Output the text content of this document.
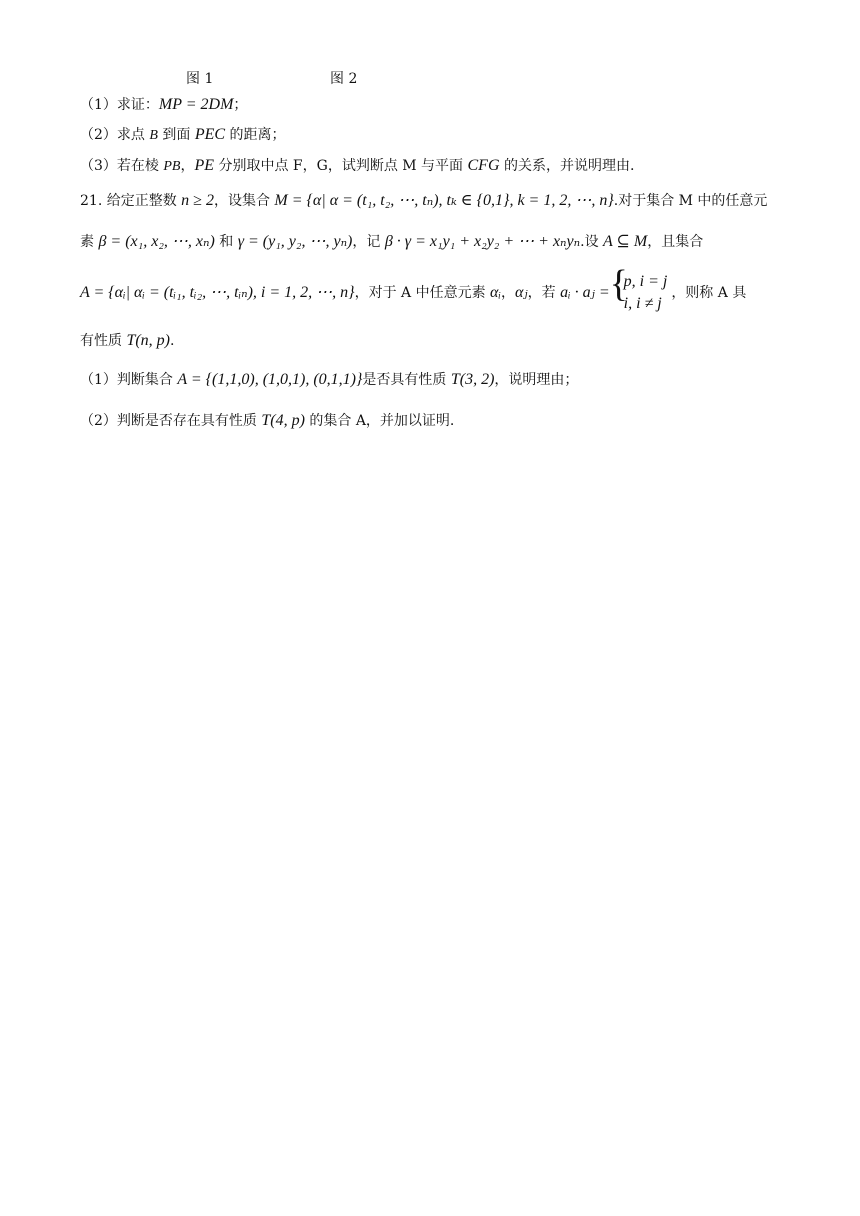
图 1	图 2
（1）求证：MP = 2DM；
（2）求点 B 到面 PEC 的距离；
（3）若在棱 PB，PE 分别取中点 F，G，试判断点 M 与平面 CFG 的关系，并说明理由.
21. 给定正整数 n ≥ 2，设集合 M = {α| α = (t₁, t₂, ⋯, tₙ), tₖ ∈ {0,1}, k = 1, 2, ⋯, n}.对于集合 M 中的任意元
素 β = (x₁, x₂, ⋯, xₙ) 和 γ = (y₁, y₂, ⋯, yₙ)，记 β · γ = x₁y₁ + x₂y₂ + ⋯ + xₙyₙ.设 A ⊆ M，且集合
A = {αᵢ| αᵢ = (tᵢ₁, tᵢ₂, ⋯, tᵢₙ), i = 1, 2, ⋯, n}，对于 A 中任意元素 αᵢ，αⱼ，若 aᵢ · aⱼ = {
p, i = j
i, i ≠ j
，则称 A 具
有性质 T(n, p).
（1）判断集合 A = {(1,1,0), (1,0,1), (0,1,1)}是否具有性质 T(3, 2)，说明理由；
（2）判断是否存在具有性质 T(4, p) 的集合 A，并加以证明.
